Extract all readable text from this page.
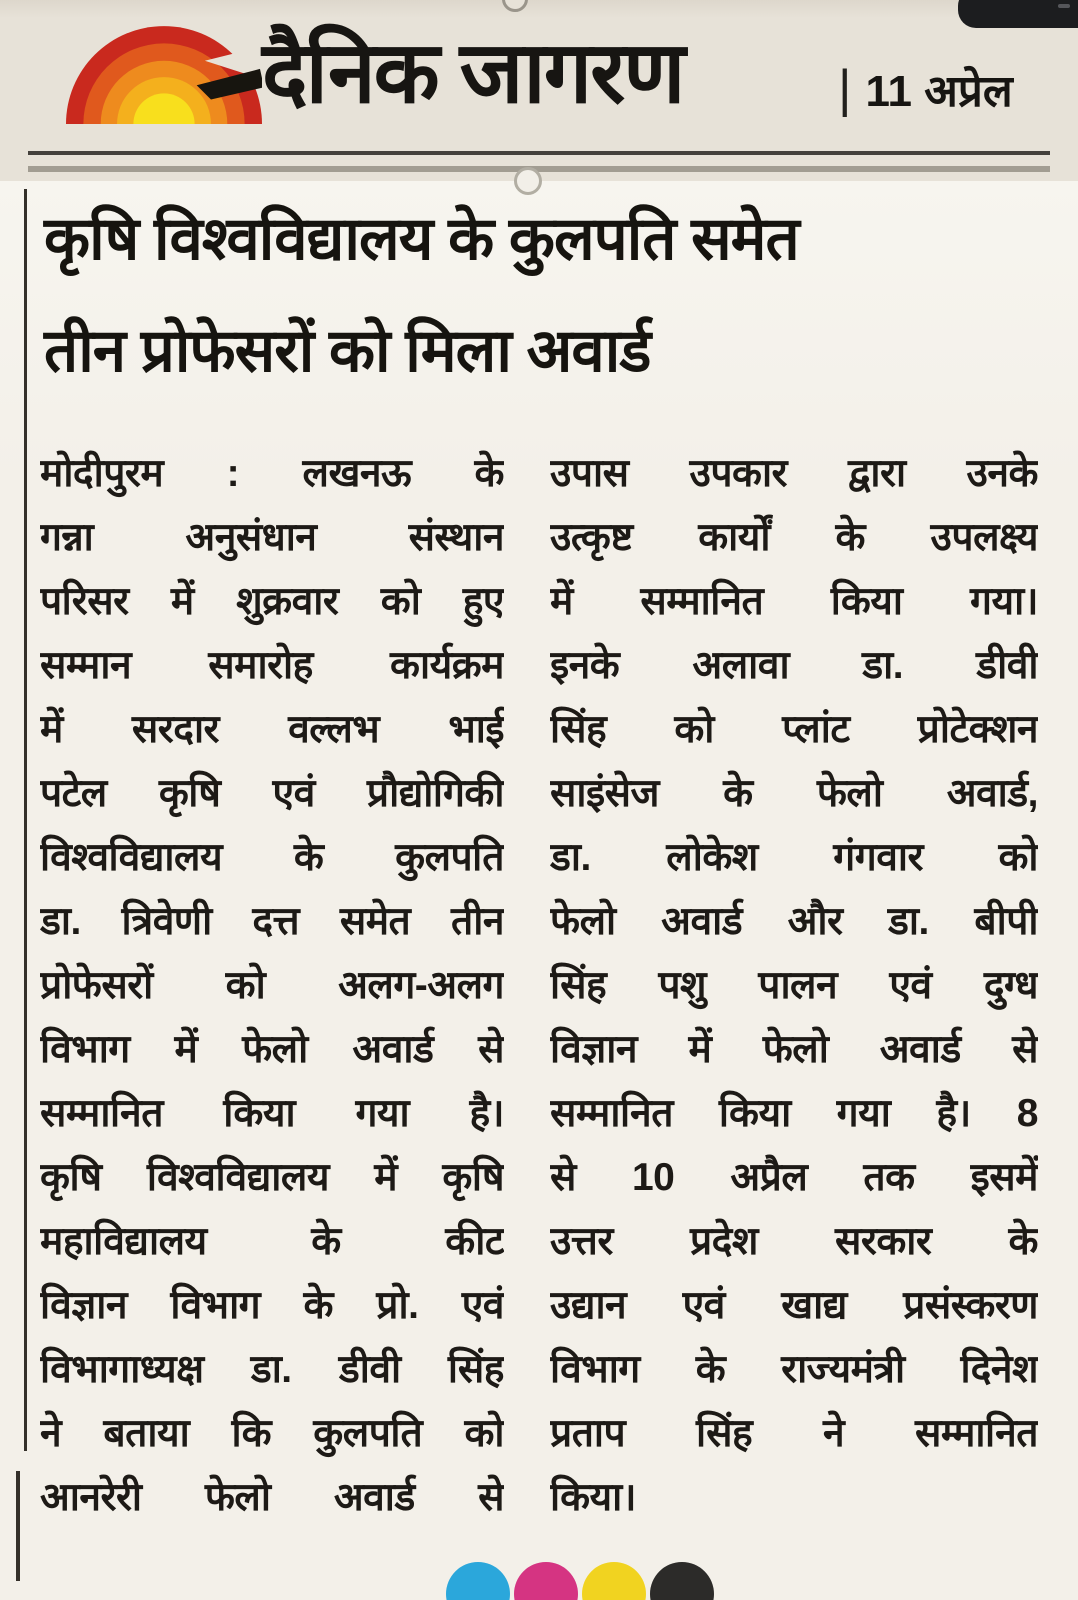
दैनिक जागरण	| 11 अप्रेल
कृषि विश्वविद्यालय के कुलपति समेत
तीन प्रोफेसरों को मिला अवार्ड
मोदीपुरम : लखनऊ के
गन्ना अनुसंधान संस्थान
परिसर में शुक्रवार को हुए
सम्मान समारोह कार्यक्रम
में सरदार वल्लभ भाई
पटेल कृषि एवं प्रौद्योगिकी
विश्वविद्यालय के कुलपति
डा. त्रिवेणी दत्त समेत तीन
प्रोफेसरों को अलग-अलग
विभाग में फेलो अवार्ड से
सम्मानित किया गया है।
कृषि विश्वविद्यालय में कृषि
महाविद्यालय के कीट
विज्ञान विभाग के प्रो. एवं
विभागाध्यक्ष डा. डीवी सिंह
ने बताया कि कुलपति को
आनरेरी फेलो अवार्ड से
उपास उपकार द्वारा उनके
उत्कृष्ट कार्यों के उपलक्ष्य
में सम्मानित किया गया।
इनके अलावा डा. डीवी
सिंह को प्लांट प्रोटेक्शन
साइंसेज के फेलो अवार्ड,
डा. लोकेश गंगवार को
फेलो अवार्ड और डा. बीपी
सिंह पशु पालन एवं दुग्ध
विज्ञान में फेलो अवार्ड से
सम्मानित किया गया है। 8
से 10 अप्रैल तक इसमें
उत्तर प्रदेश सरकार के
उद्यान एवं खाद्य प्रसंस्करण
विभाग के राज्यमंत्री दिनेश
प्रताप सिंह ने सम्मानित
किया।
